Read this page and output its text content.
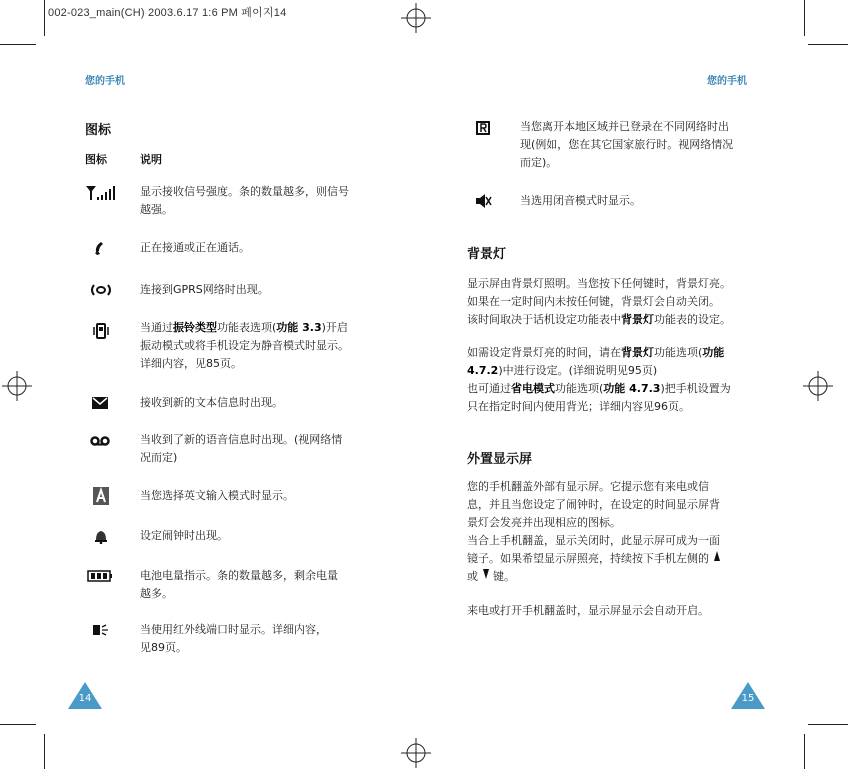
002-023_main(CH) 2003.6.17 1:6 PM 페이지14
您的手机
图标
图标	说明
显示接收信号强度。条的数量越多，则信号
越强。
正在接通或正在通话。
连接到GPRS网络时出现。
当通过振铃类型功能表选项(功能 3.3)开启
振动模式或将手机设定为静音模式时显示。
详细内容，见85页。
接收到新的文本信息时出现。
当收到了新的语音信息时出现。(视网络情
况而定)
当您选择英文输入模式时显示。
设定闹钟时出现。
电池电量指示。条的数量越多，剩余电量
越多。
当使用红外线端口时显示。详细内容，
见89页。
14
您的手机
当您离开本地区域并已登录在不同网络时出
现(例如，您在其它国家旅行时。视网络情况
而定)。
当选用闭音模式时显示。
背景灯
显示屏由背景灯照明。当您按下任何键时，背景灯亮。
如果在一定时间内未按任何键，背景灯会自动关闭。
该时间取决于话机设定功能表中背景灯功能表的设定。
如需设定背景灯亮的时间，请在背景灯功能选项(功能
4.7.2)中进行设定。(详细说明见95页)
也可通过省电模式功能选项(功能 4.7.3)把手机设置为
只在指定时间内使用背光；详细内容见96页。
外置显示屏
您的手机翻盖外部有显示屏。它提示您有来电或信
息，并且当您设定了闹钟时，在设定的时间显示屏背
景灯会发亮并出现相应的图标。
当合上手机翻盖，显示关闭时，此显示屏可成为一面
镜子。如果希望显示屏照亮，持续按下手机左侧的
或 键。
来电或打开手机翻盖时，显示屏显示会自动开启。
15
